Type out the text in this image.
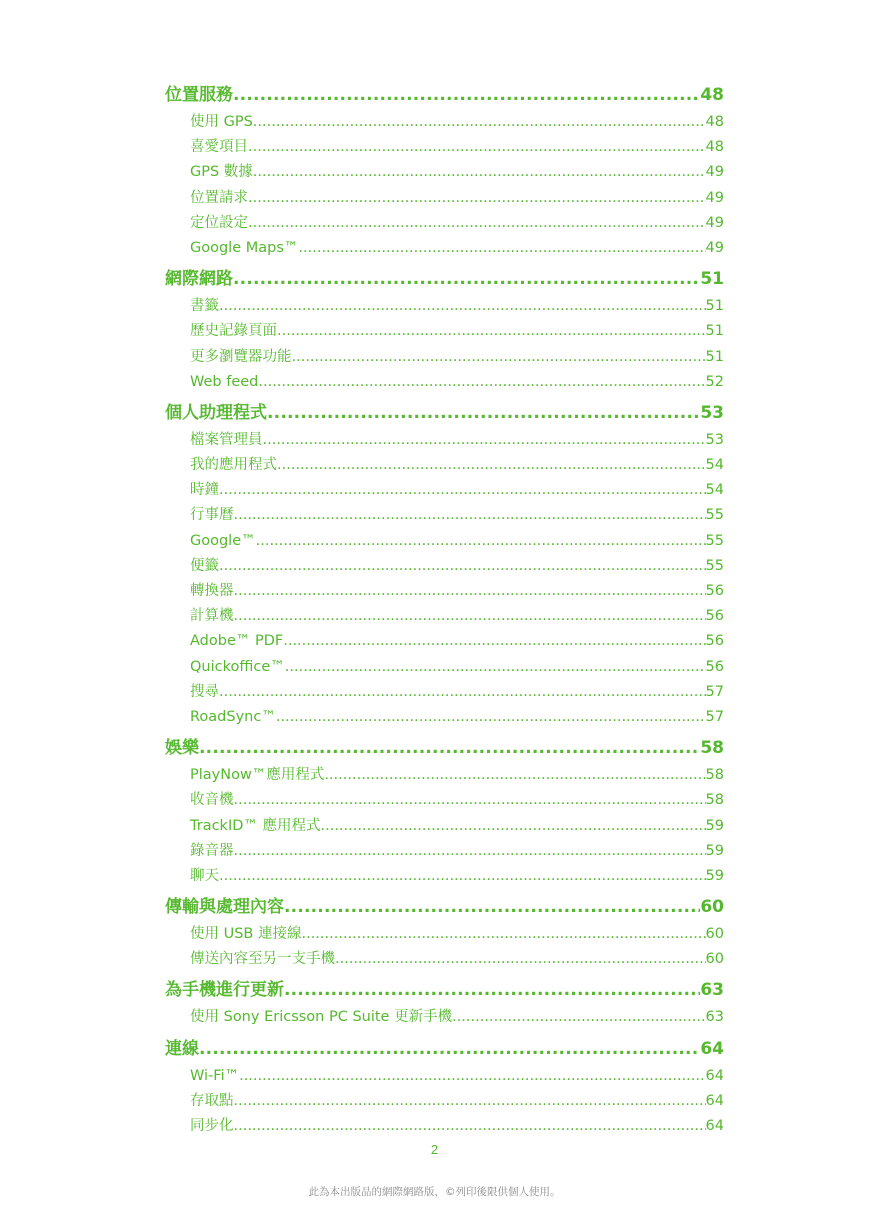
位置服務 .....	48
使用 GPS .....	48
喜愛項目 .....	48
GPS 數據 .....	49
位置請求 .....	49
定位設定 .....	49
Google Maps™ .....	49
網際網路 .....	51
書籤 .....	51
歷史記錄頁面 .....	51
更多瀏覽器功能 .....	51
Web feed .....	52
個人助理程式 .....	53
檔案管理員 .....	53
我的應用程式 .....	54
時鐘 .....	54
行事曆 .....	55
Google™ .....	55
便籤 .....	55
轉換器 .....	56
計算機 .....	56
Adobe™ PDF .....	56
Quickoffice™ .....	56
搜尋 .....	57
RoadSync™ .....	57
娛樂 .....	58
PlayNow™應用程式 .....	58
收音機 .....	58
TrackID™ 應用程式 .....	59
錄音器 .....	59
聊天 .....	59
傳輸與處理內容 .....	60
使用 USB 連接線 .....	60
傳送內容至另一支手機 .....	60
為手機進行更新 .....	63
使用 Sony Ericsson PC Suite 更新手機 .....	63
連線 .....	64
Wi-Fi™ .....	64
存取點 .....	64
同步化 .....	64
2
此為本出版品的網際網路版，©列印後限供個人使用。
